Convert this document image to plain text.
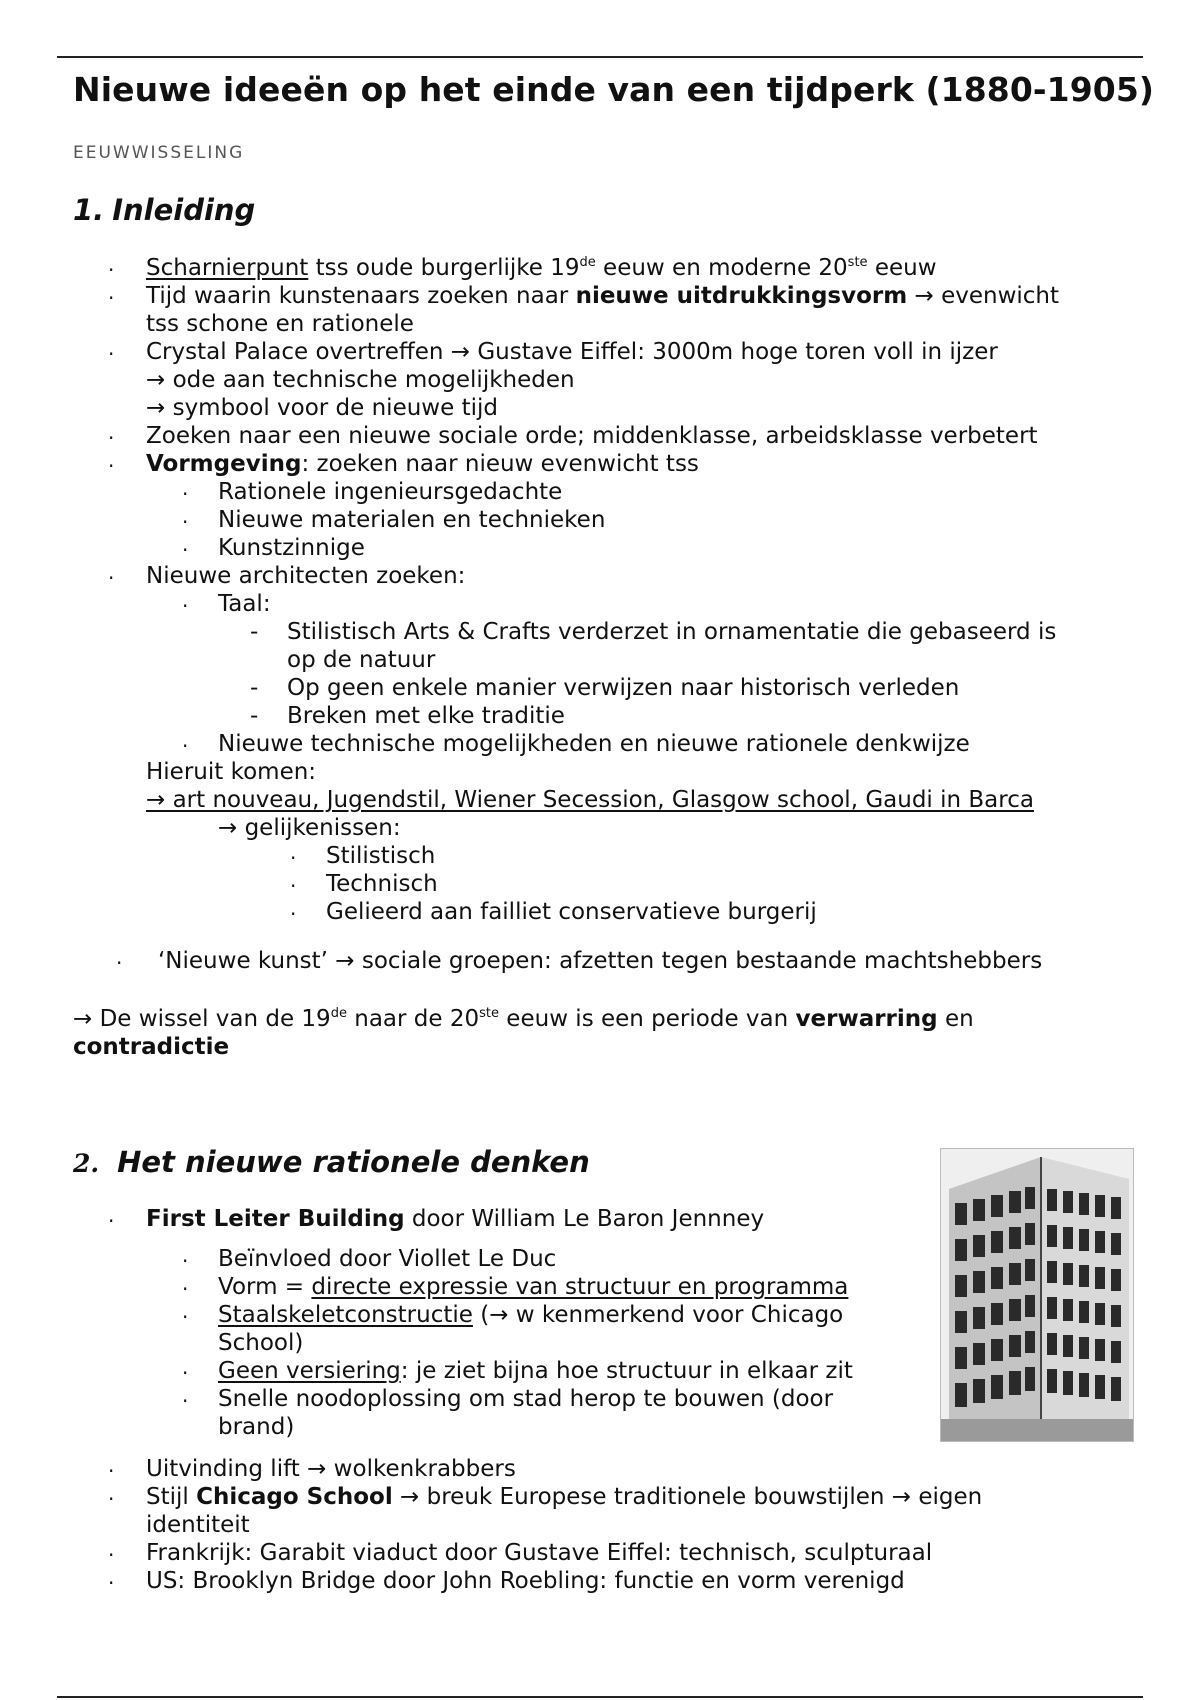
Nieuwe ideeën op het einde van een tijdperk (1880-1905)

EEUWWISSELING

1. Inleiding
· Scharnierpunt tss oude burgerlijke 19de eeuw en moderne 20ste eeuw

· Tijd waarin kunstenaars zoeken naar nieuwe uitdrukkingsvorm → evenwicht

tss schone en rationele

· Crystal Palace overtreffen → Gustave Eiffel: 3000m hoge toren voll in ijzer

→ ode aan technische mogelijkheden

→ symbool voor de nieuwe tijd

· Zoeken naar een nieuwe sociale orde; middenklasse, arbeidsklasse verbetert

· Vormgeving: zoeken naar nieuw evenwicht tss

· Rationele ingenieursgedachte

· Nieuwe materialen en technieken

· Kunstzinnige

· Nieuwe architecten zoeken:

· Taal:

- Stilistisch Arts & Crafts verderzet in ornamentatie die gebaseerd is

op de natuur

- Op geen enkele manier verwijzen naar historisch verleden

- Breken met elke traditie

· Nieuwe technische mogelijkheden en nieuwe rationele denkwijze

Hieruit komen:

→ art nouveau, Jugendstil, Wiener Secession, Glasgow school, Gaudi in Barca

→ gelijkenissen:

· Stilistisch

· Technisch

· Gelieerd aan failliet conservatieve burgerij

· ‘Nieuwe kunst’ → sociale groepen: afzetten tegen bestaande machtshebbers

→ De wissel van de 19de naar de 20ste eeuw is een periode van verwarring en

contradictie

2. Het nieuwe rationele denken
· First Leiter Building door William Le Baron Jennney

· Beïnvloed door Viollet Le Duc

· Vorm = directe expressie van structuur en programma

· Staalskeletconstructie (→ w kenmerkend voor Chicago

School)

· Geen versiering: je ziet bijna hoe structuur in elkaar zit

· Snelle noodoplossing om stad herop te bouwen (door

brand)

· Uitvinding lift → wolkenkrabbers

· Stijl Chicago School → breuk Europese traditionele bouwstijlen → eigen

identiteit

· Frankrijk: Garabit viaduct door Gustave Eiffel: technisch, sculpturaal

· US: Brooklyn Bridge door John Roebling: functie en vorm verenigd
